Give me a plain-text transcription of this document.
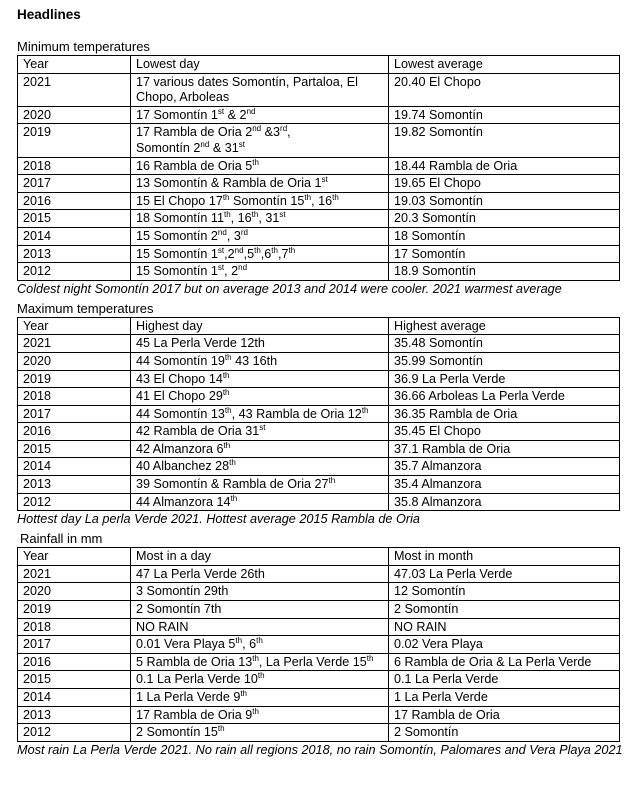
Headlines

Minimum temperatures

Year	Lowest day	Lowest average
2021	17 various dates Somontín, Partaloa, El Chopo, Arboleas	20.40 El Chopo
2020	17 Somontín 1st & 2nd	19.74 Somontín
2019	17 Rambla de Oria 2nd &3rd,
Somontín 2nd & 31st	19.82 Somontín
2018	16 Rambla de Oria 5th	18.44 Rambla de Oria
2017	13 Somontín & Rambla de Oria 1st	19.65 El Chopo
2016	15 El Chopo 17th Somontín 15th, 16th	19.03 Somontín
2015	18 Somontín 11th, 16th, 31st	20.3 Somontín
2014	15 Somontín 2nd, 3rd	18 Somontín
2013	15 Somontín 1st,2nd,5th,6th,7th	17 Somontín
2012	15 Somontín 1st, 2nd	18.9 Somontín

Coldest night Somontín 2017 but on average 2013 and 2014 were cooler. 2021 warmest average

Maximum temperatures

Year	Highest day	Highest average
2021	45 La Perla Verde 12th	35.48 Somontín
2020	44 Somontín 19th 43 16th	35.99 Somontín
2019	43 El Chopo 14th	36.9 La Perla Verde
2018	41 El Chopo 29th	36.66 Arboleas La Perla Verde
2017	44 Somontín 13th, 43 Rambla de Oria 12th	36.35 Rambla de Oria
2016	42 Rambla de Oria 31st	35.45 El Chopo
2015	42 Almanzora 6th	37.1 Rambla de Oria
2014	40 Albanchez 28th	35.7 Almanzora
2013	39 Somontín & Rambla de Oria 27th	35.4 Almanzora
2012	44 Almanzora 14th	35.8 Almanzora

Hottest day La perla Verde 2021. Hottest average 2015 Rambla de Oria

Rainfall in mm

Year	Most in a day	Most in month
2021	47 La Perla Verde 26th	47.03 La Perla Verde
2020	3 Somontín 29th	12 Somontín
2019	2 Somontín 7th	2 Somontín
2018	NO RAIN	NO RAIN
2017	0.01 Vera Playa 5th, 6th	0.02 Vera Playa
2016	5 Rambla de Oria 13th, La Perla Verde 15th	6 Rambla de Oria & La Perla Verde
2015	0.1 La Perla Verde 10th	0.1 La Perla Verde
2014	1 La Perla Verde 9th	1 La Perla Verde
2013	17 Rambla de Oria 9th	17 Rambla de Oria
2012	2 Somontín 15th	2 Somontín

Most rain La Perla Verde 2021. No rain all regions 2018, no rain Somontín, Palomares and Vera Playa 2021
